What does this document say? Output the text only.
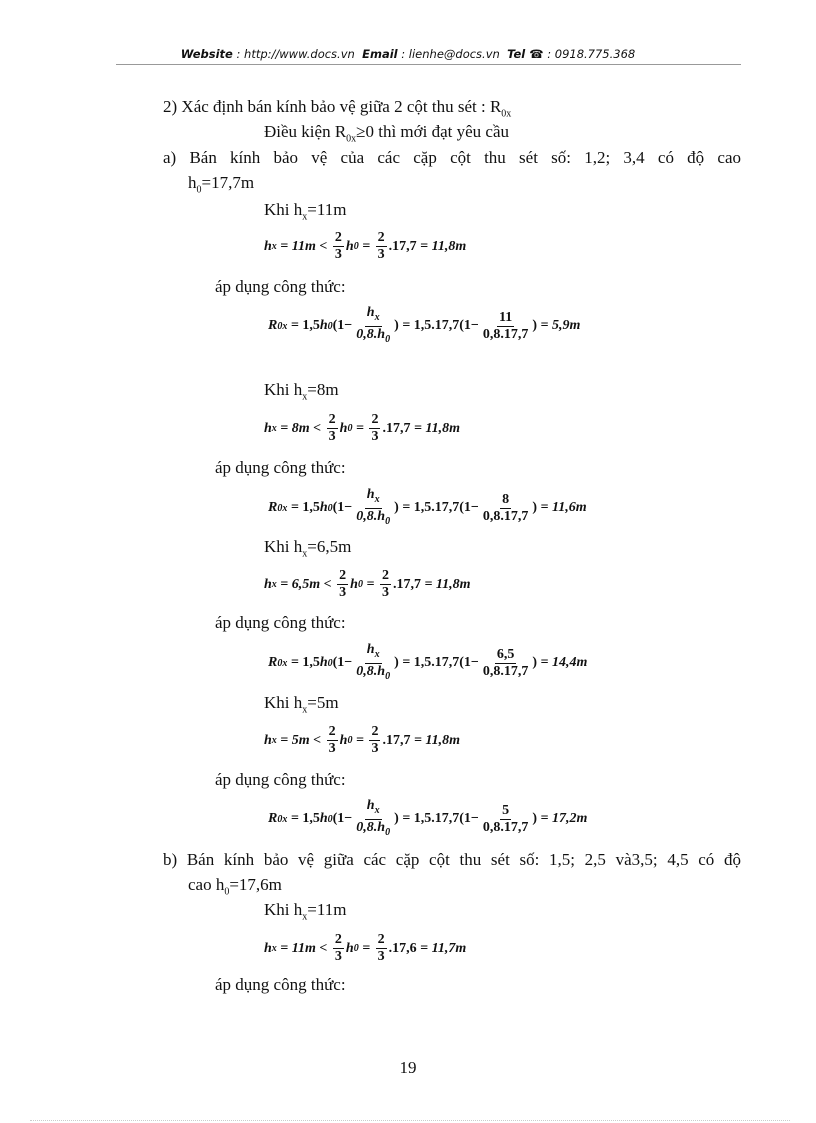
Website : http://www.docs.vn Email : lienhe@docs.vn Tel ☎ : 0918.775.368
2) Xác định bán kính bảo vệ giữa 2 cột thu sét : $R_{0x}$
Điều kiện $R_{0x}\ge 0$ thì mới đạt yêu cầu
a) Bán kính bảo vệ của các cặp cột thu sét số: 1,2; 3,4 có độ cao
$h_0=17,7m$
Khi $h_x=11m$
h $x = 11m < \frac{2}{3}$ h $0 = \frac{2}{3}$ . 17,7 = 11,8m
áp dụng công thức:
R 0x = 1,5 h 0 ($1- \frac{h_x}{0,8.h_0}$ ) = $1,5.17,7(1- \frac{11}{0,8.17,7}$ ) = 5,9m
Khi $h_x=8m$
h $x = 8m < \frac{2}{3}$ h $0 = \frac{2}{3}$ . 17,7 = 11,8m
áp dụng công thức:
R 0x = 1,5 h 0 ($1- \frac{h_x}{0,8.h_0}$ ) = $1,5.17,7(1- \frac{8}{0,8.17,7}$ ) = 11,6m
Khi $h_x=6,5m$
h $x = 6,5m < \frac{2}{3}$ h $0 = \frac{2}{3}$ . 17,7 = 11,8m
áp dụng công thức:
R 0x = 1,5 h 0 ($1- \frac{h_x}{0,8.h_0}$ ) = $1,5.17,7(1- \frac{6,5}{0,8.17,7}$ ) = 14,4m
Khi $h_x=5m$
h $x = 5m < \frac{2}{3}$ h $0 = \frac{2}{3}$ . 17,7 = 11,8m
áp dụng công thức:
R 0x = 1,5 h 0 ($1- \frac{h_x}{0,8.h_0}$ ) = $1,5.17,7(1- \frac{5}{0,8.17,7}$ ) = 17,2m
Khi $h_x=11m$
h $x = 11m < \frac{2}{3}$ h $0 = \frac{2}{3}$ . 17,6 = 11,7m
áp dụng công thức:
b) Bán kính bảo vệ giữa các cặp cột thu sét số: 1,5; 2,5 và3,5; 4,5 có độ
cao $h_0=17,6m$
19
